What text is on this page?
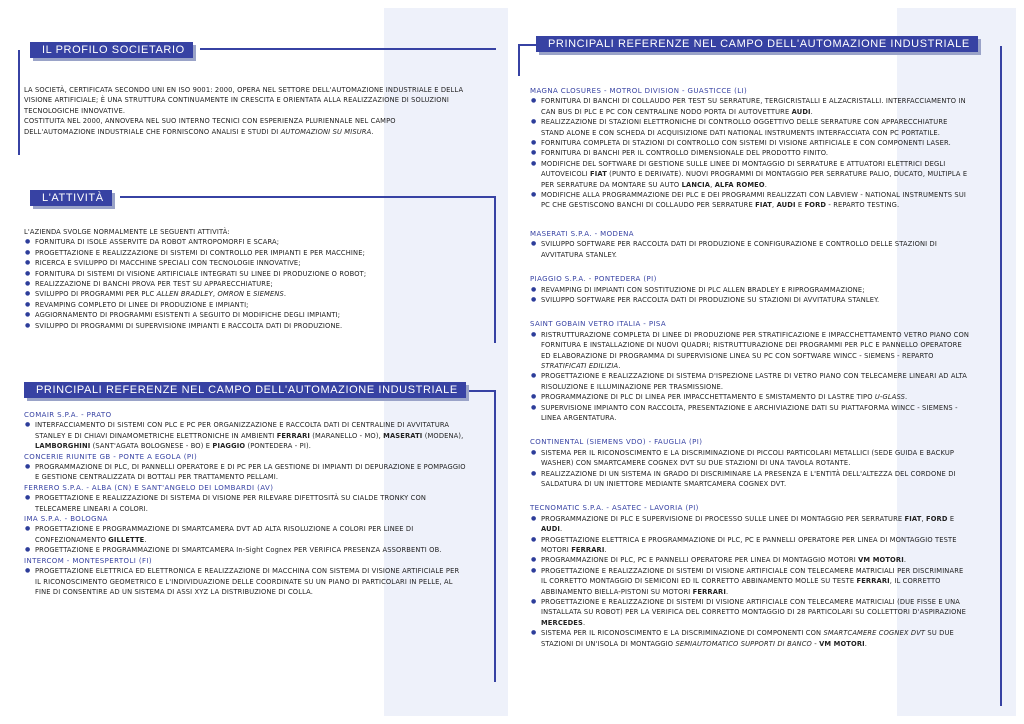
IL PROFILO SOCIETARIO

LA SOCIETÀ, CERTIFICATA SECONDO UNI EN ISO 9001: 2000, OPERA NEL SETTORE DELL'AUTOMAZIONE INDUSTRIALE E DELLA VISIONE ARTIFICIALE; È UNA STRUTTURA CONTINUAMENTE IN CRESCITA E ORIENTATA ALLA REALIZZAZIONE DI SOLUZIONI TECNOLOGICHE INNOVATIVE.

COSTITUITA NEL 2000, ANNOVERA NEL SUO INTERNO TECNICI CON ESPERIENZA PLURIENNALE NEL CAMPO DELL'AUTOMAZIONE INDUSTRIALE CHE FORNISCONO ANALISI E STUDI DI AUTOMAZIONI SU MISURA.

L'ATTIVITÀ

L'AZIENDA SVOLGE NORMALMENTE LE SEGUENTI ATTIVITÀ:

● FORNITURA DI ISOLE ASSERVITE DA ROBOT ANTROPOMORFI E SCARA;
● PROGETTAZIONE E REALIZZAZIONE DI SISTEMI DI CONTROLLO PER IMPIANTI E PER MACCHINE;
● RICERCA E SVILUPPO DI MACCHINE SPECIALI CON TECNOLOGIE INNOVATIVE;
● FORNITURA DI SISTEMI DI VISIONE ARTIFICIALE INTEGRATI SU LINEE DI PRODUZIONE O ROBOT;
● REALIZZAZIONE DI BANCHI PROVA PER TEST SU APPARECCHIATURE;
● SVILUPPO DI PROGRAMMI PER PLC ALLEN BRADLEY, OMRON E SIEMENS.
● REVAMPING COMPLETO DI LINEE DI PRODUZIONE E IMPIANTI;
● AGGIORNAMENTO DI PROGRAMMI ESISTENTI A SEGUITO DI MODIFICHE DEGLI IMPIANTI;
● SVILUPPO DI PROGRAMMI DI SUPERVISIONE IMPIANTI E RACCOLTA DATI DI PRODUZIONE.
PRINCIPALI REFERENZE NEL CAMPO DELL'AUTOMAZIONE INDUSTRIALE

COMAIR S.P.A. - PRATO

● INTERFACCIAMENTO DI SISTEMI CON PLC E PC PER ORGANIZZAZIONE E RACCOLTA DATI DI CENTRALINE DI AVVITATURA STANLEY E DI CHIAVI DINAMOMETRICHE ELETTRONICHE IN AMBIENTI FERRARI (MARANELLO - MO), MASERATI (MODENA), LAMBORGHINI (SANT'AGATA BOLOGNESE - BO) E PIAGGIO (PONTEDERA - PI).

CONCERIE RIUNITE GB - PONTE A EGOLA (PI)

● PROGRAMMAZIONE DI PLC, DI PANNELLI OPERATORE E DI PC PER LA GESTIONE DI IMPIANTI DI DEPURAZIONE E POMPAGGIO E GESTIONE CENTRALIZZATA DI BOTTALI PER TRATTAMENTO PELLAMI.

FERRERO S.P.A. - ALBA (CN) E SANT'ANGELO DEI LOMBARDI (AV)

● PROGETTAZIONE E REALIZZAZIONE DI SISTEMA DI VISIONE PER RILEVARE DIFETTOSITÀ SU CIALDE TRONKY CON TELECAMERE LINEARI A COLORI.

IMA S.P.A. - BOLOGNA

● PROGETTAZIONE E PROGRAMMAZIONE DI SMARTCAMERA DVT AD ALTA RISOLUZIONE A COLORI PER LINEE DI CONFEZIONAMENTO GILLETTE.
● PROGETTAZIONE E PROGRAMMAZIONE DI SMARTCAMERA In-Sight Cognex PER VERIFICA PRESENZA ASSORBENTI OB.

INTERCOM - MONTESPERTOLI (FI)

● PROGETTAZIONE ELETTRICA ED ELETTRONICA E REALIZZAZIONE DI MACCHINA CON SISTEMA DI VISIONE ARTIFICIALE PER IL RICONOSCIMENTO GEOMETRICO E L'INDIVIDUAZIONE DELLE COORDINATE SU UN PIANO DI PARTICOLARI IN PELLE, AL FINE DI CONSENTIRE AD UN SISTEMA DI ASSI XYZ LA DISTRIBUZIONE DI COLLA.
PRINCIPALI REFERENZE NEL CAMPO DELL'AUTOMAZIONE INDUSTRIALE

MAGNA CLOSURES - MOTROL DIVISION - GUASTICCE (LI)

● FORNITURA DI BANCHI DI COLLAUDO PER TEST SU SERRATURE, TERGICRISTALLI E ALZACRISTALLI. INTERFACCIAMENTO IN CAN BUS DI PLC E PC CON CENTRALINE NODO PORTA DI AUTOVETTURE AUDI.
● REALIZZAZIONE DI STAZIONI ELETTRONICHE DI CONTROLLO OGGETTIVO DELLE SERRATURE CON APPARECCHIATURE STAND ALONE E CON SCHEDA DI ACQUISIZIONE DATI NATIONAL INSTRUMENTS INTERFACCIATA CON PC PORTATILE.
● FORNITURA COMPLETA DI STAZIONI DI CONTROLLO CON SISTEMI DI VISIONE ARTIFICIALE E CON COMPONENTI LASER.
● FORNITURA DI BANCHI PER IL CONTROLLO DIMENSIONALE DEL PRODOTTO FINITO.
● MODIFICHE DEL SOFTWARE DI GESTIONE SULLE LINEE DI MONTAGGIO DI SERRATURE E ATTUATORI ELETTRICI DEGLI AUTOVEICOLI FIAT (PUNTO E DERIVATE). NUOVI PROGRAMMI DI MONTAGGIO PER SERRATURE PALIO, DUCATO, MULTIPLA E PER SERRATURE DA MONTARE SU AUTO LANCIA, ALFA ROMEO.
● MODIFICHE ALLA PROGRAMMAZIONE DEI PLC E DEI PROGRAMMI REALIZZATI CON LABVIEW - NATIONAL INSTRUMENTS SUI PC CHE GESTISCONO BANCHI DI COLLAUDO PER SERRATURE FIAT, AUDI E FORD - REPARTO TESTING.

MASERATI S.P.A. - MODENA

● SVILUPPO SOFTWARE PER RACCOLTA DATI DI PRODUZIONE E CONFIGURAZIONE E CONTROLLO DELLE STAZIONI DI AVVITATURA STANLEY.

PIAGGIO S.P.A. - PONTEDERA (PI)

● REVAMPING DI IMPIANTI CON SOSTITUZIONE DI PLC ALLEN BRADLEY E RIPROGRAMMAZIONE;
● SVILUPPO SOFTWARE PER RACCOLTA DATI DI PRODUZIONE SU STAZIONI DI AVVITATURA STANLEY.

SAINT GOBAIN VETRO ITALIA - PISA

● RISTRUTTURAZIONE COMPLETA DI LINEE DI PRODUZIONE PER STRATIFICAZIONE E IMPACCHETTAMENTO VETRO PIANO CON FORNITURA E INSTALLAZIONE DI NUOVI QUADRI; RISTRUTTURAZIONE DEI PROGRAMMI PER PLC E PANNELLO OPERATORE ED ELABORAZIONE DI PROGRAMMA DI SUPERVISIONE LINEA SU PC CON SOFTWARE WINCC - SIEMENS - REPARTO STRATIFICATI EDILIZIA.
● PROGETTAZIONE E REALIZZAZIONE DI SISTEMA D'ISPEZIONE LASTRE DI VETRO PIANO CON TELECAMERE LINEARI AD ALTA RISOLUZIONE E ILLUMINAZIONE PER TRASMISSIONE.
● PROGRAMMAZIONE DI PLC DI LINEA PER IMPACCHETTAMENTO E SMISTAMENTO DI LASTRE TIPO U-GLASS.
● SUPERVISIONE IMPIANTO CON RACCOLTA, PRESENTAZIONE E ARCHIVIAZIONE DATI SU PIATTAFORMA WINCC - SIEMENS - LINEA ARGENTATURA.

CONTINENTAL (SIEMENS VDO) - FAUGLIA (PI)

● SISTEMA PER IL RICONOSCIMENTO E LA DISCRIMINAZIONE DI PICCOLI PARTICOLARI METALLICI (SEDE GUIDA E BACKUP WASHER) CON SMARTCAMERE COGNEX DVT SU DUE STAZIONI DI UNA TAVOLA ROTANTE.
● REALIZZAZIONE DI UN SISTEMA IN GRADO DI DISCRIMINARE LA PRESENZA E L'ENTITÀ DELL'ALTEZZA DEL CORDONE DI SALDATURA DI UN INIETTORE MEDIANTE SMARTCAMERA COGNEX DVT.

TECNOMATIC S.P.A. - ASATEC - LAVORIA (PI)

● PROGRAMMAZIONE DI PLC E SUPERVISIONE DI PROCESSO SULLE LINEE DI MONTAGGIO PER SERRATURE FIAT, FORD E AUDI.
● PROGETTAZIONE ELETTRICA E PROGRAMMAZIONE DI PLC, PC E PANNELLI OPERATORE PER LINEA DI MONTAGGIO TESTE MOTORI FERRARI.
● PROGRAMMAZIONE DI PLC, PC E PANNELLI OPERATORE PER LINEA DI MONTAGGIO MOTORI VM MOTORI.
● PROGETTAZIONE E REALIZZAZIONE DI SISTEMI DI VISIONE ARTIFICIALE CON TELECAMERE MATRICIALI PER DISCRIMINARE IL CORRETTO MONTAGGIO DI SEMICONI ED IL CORRETTO ABBINAMENTO MOLLE SU TESTE FERRARI, IL CORRETTO ABBINAMENTO BIELLA-PISTONI SU MOTORI FERRARI.
● PROGETTAZIONE E REALIZZAZIONE DI SISTEMI DI VISIONE ARTIFICIALE CON TELECAMERE MATRICIALI (DUE FISSE E UNA INSTALLATA SU ROBOT) PER LA VERIFICA DEL CORRETTO MONTAGGIO DI 28 PARTICOLARI SU COLLETTORI D'ASPIRAZIONE MERCEDES.
● SISTEMA PER IL RICONOSCIMENTO E LA DISCRIMINAZIONE DI COMPONENTI CON SMARTCAMERE COGNEX DVT SU DUE STAZIONI DI UN'ISOLA DI MONTAGGIO SEMIAUTOMATICO SUPPORTI DI BANCO - VM MOTORI.
